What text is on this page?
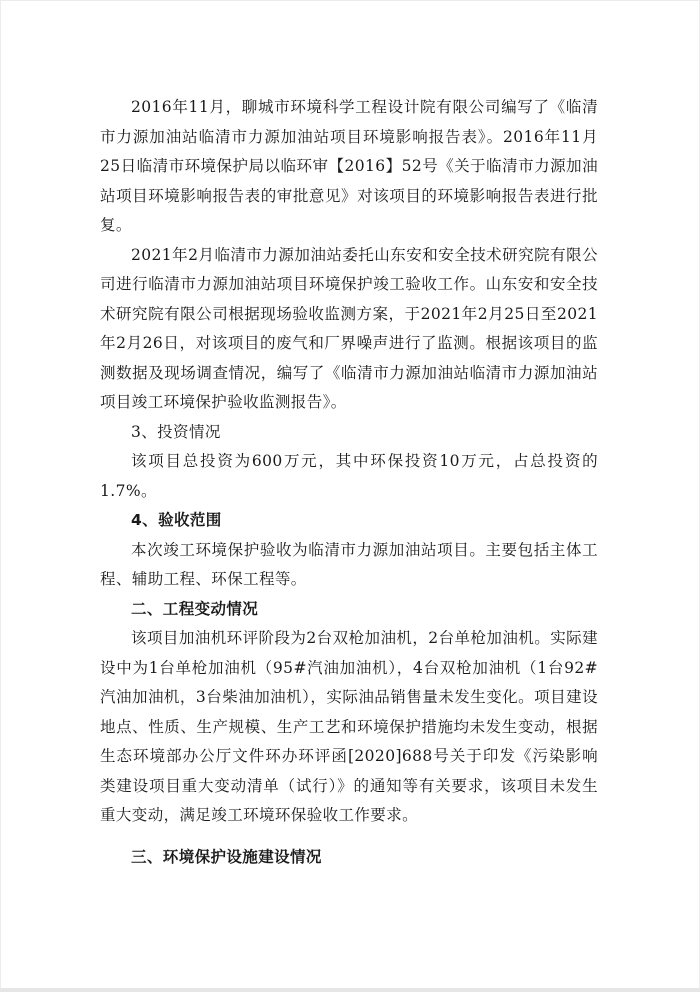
2016年11月，聊城市环境科学工程设计院有限公司编写了《临清市力源加油站临清市力源加油站项目环境影响报告表》。2016年11月25日临清市环境保护局以临环审【2016】52号《关于临清市力源加油站项目环境影响报告表的审批意见》对该项目的环境影响报告表进行批复。

2021年2月临清市力源加油站委托山东安和安全技术研究院有限公司进行临清市力源加油站项目环境保护竣工验收工作。山东安和安全技术研究院有限公司根据现场验收监测方案，于2021年2月25日至2021年2月26日，对该项目的废气和厂界噪声进行了监测。根据该项目的监测数据及现场调查情况，编写了《临清市力源加油站临清市力源加油站项目竣工环境保护验收监测报告》。

3、投资情况

该项目总投资为600万元，其中环保投资10万元，占总投资的1.7%。

4、验收范围

本次竣工环境保护验收为临清市力源加油站项目。主要包括主体工程、辅助工程、环保工程等。

二、工程变动情况

该项目加油机环评阶段为2台双枪加油机，2台单枪加油机。实际建设中为1台单枪加油机（95#汽油加油机），4台双枪加油机（1台92#汽油加油机，3台柴油加油机），实际油品销售量未发生变化。项目建设地点、性质、生产规模、生产工艺和环境保护措施均未发生变动，根据生态环境部办公厅文件环办环评函[2020]688号关于印发《污染影响类建设项目重大变动清单（试行）》的通知等有关要求，该项目未发生重大变动，满足竣工环境环保验收工作要求。

三、环境保护设施建设情况
